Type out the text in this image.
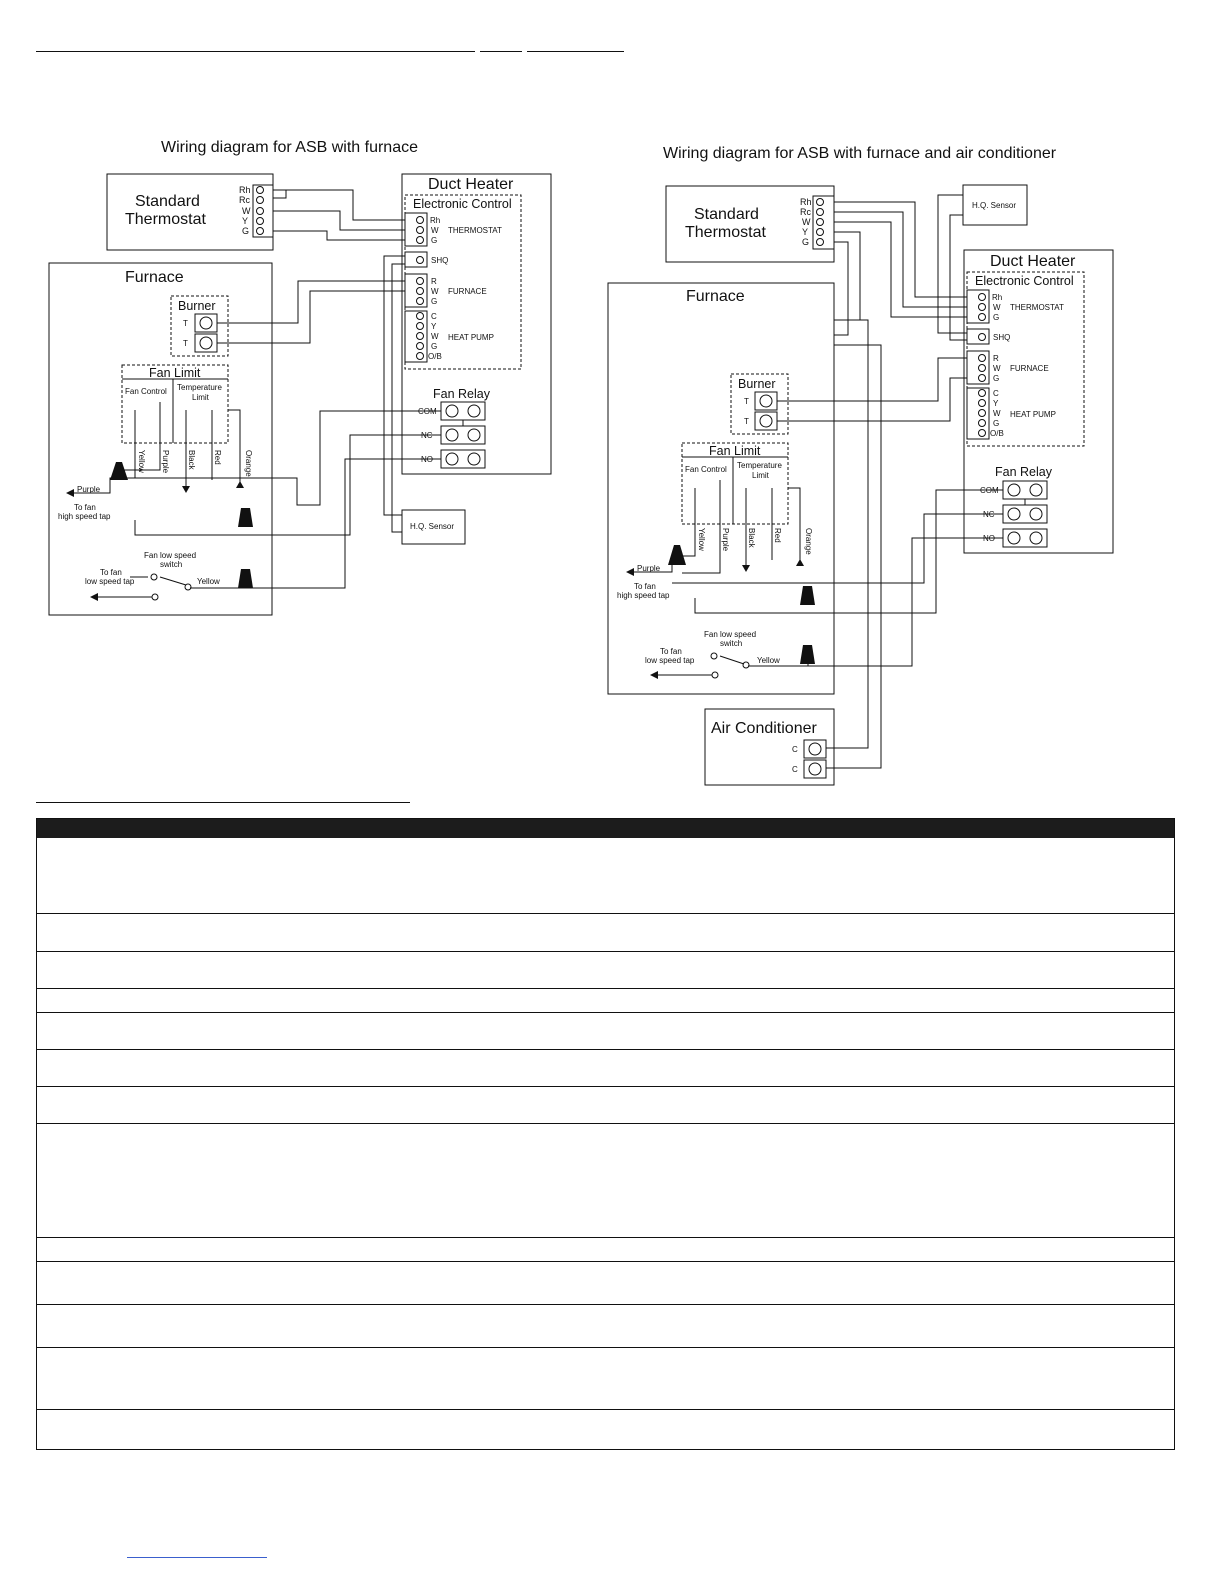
Wiring diagram for ASB with furnace	Wiring diagram for ASB with furnace and air conditioner
Standard
Thermostat
Rh
Rc
W
Y
G
Duct Heater
Electronic Control
Rh
W
G
THERMOSTAT
SHQ
R
W
G
FURNACE
C
Y
W
G
O/B
HEAT PUMP
Fan Relay
COM
NC
NO
Furnace
Burner
T
T
Fan Limit
Fan Control Temperature
Limit
Yellow Purple Black Red	Orange
Purple
To fan
high speed tap
Fan low speed
switch
To fan
low speed tap	Yellow
H.Q. Sensor
Standard
Thermostat
Rh
Rc
W
Y
G
H.Q. Sensor
Duct Heater
Electronic Control
Rh
W
G
THERMOSTAT
SHQ
R
W
G
FURNACE
C
Y
W
G
O/B
HEAT PUMP
Fan Relay
COM
NC
NO
Furnace
Burner
T
T
Fan Limit
Fan Control Temperature
Limit
Yellow Purple Black Red	Orange
Purple
To fan
high speed tap
Fan low speed
switch
To fan
low speed tap	Yellow
Air Conditioner
C
C
